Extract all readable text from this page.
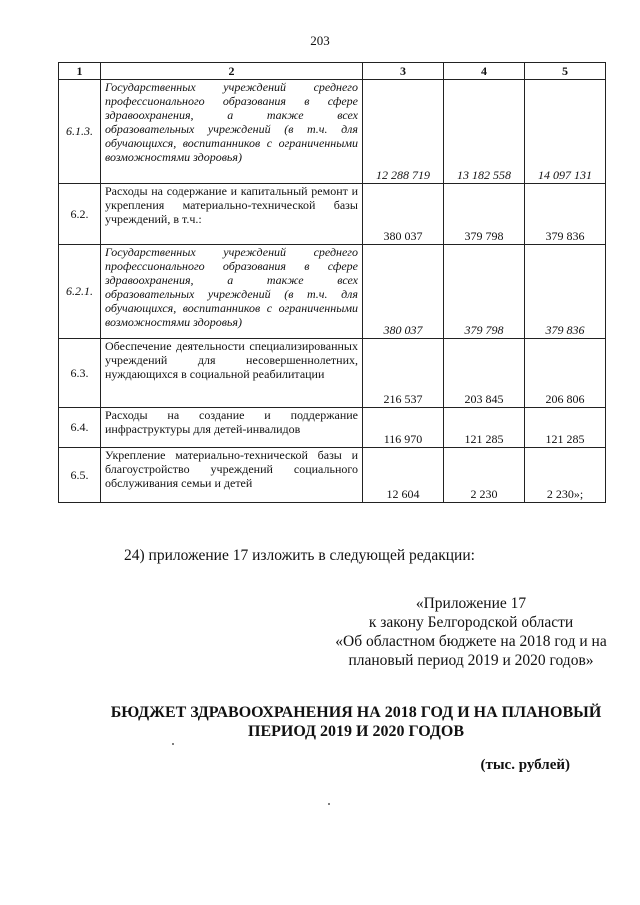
203
1	2	3	4	5
6.1.3.	Государственных учреждений среднего профессионального образования в сфере здравоохранения, а также всех образовательных учреждений (в т.ч. для обучающихся, воспитанников с ограниченными возможностями здоровья)	12 288 719	13 182 558	14 097 131
6.2.	Расходы на содержание и капитальный ремонт и укрепления материально-технической базы учреждений, в т.ч.:	380 037	379 798	379 836
6.2.1.	Государственных учреждений среднего профессионального образования в сфере здравоохранения, а также всех образовательных учреждений (в т.ч. для обучающихся, воспитанников с ограниченными возможностями здоровья)	380 037	379 798	379 836
6.3.	Обеспечение деятельности специализированных учреждений для несовершеннолетних, нуждающихся в социальной реабилитации	216 537	203 845	206 806
6.4.	Расходы на создание и поддержание инфраструктуры для детей-инвалидов	116 970	121 285	121 285
6.5.	Укрепление материально-технической базы и благоустройство учреждений социального обслуживания семьи и детей	12 604	2 230	2 230»;
24) приложение 17 изложить в следующей редакции:
«Приложение 17
к закону Белгородской области
«Об областном бюджете на 2018 год и на
плановый период 2019 и 2020 годов»
БЮДЖЕТ ЗДРАВООХРАНЕНИЯ НА 2018 ГОД И НА ПЛАНОВЫЙ
ПЕРИОД 2019 И 2020 ГОДОВ
(тыс. рублей)
